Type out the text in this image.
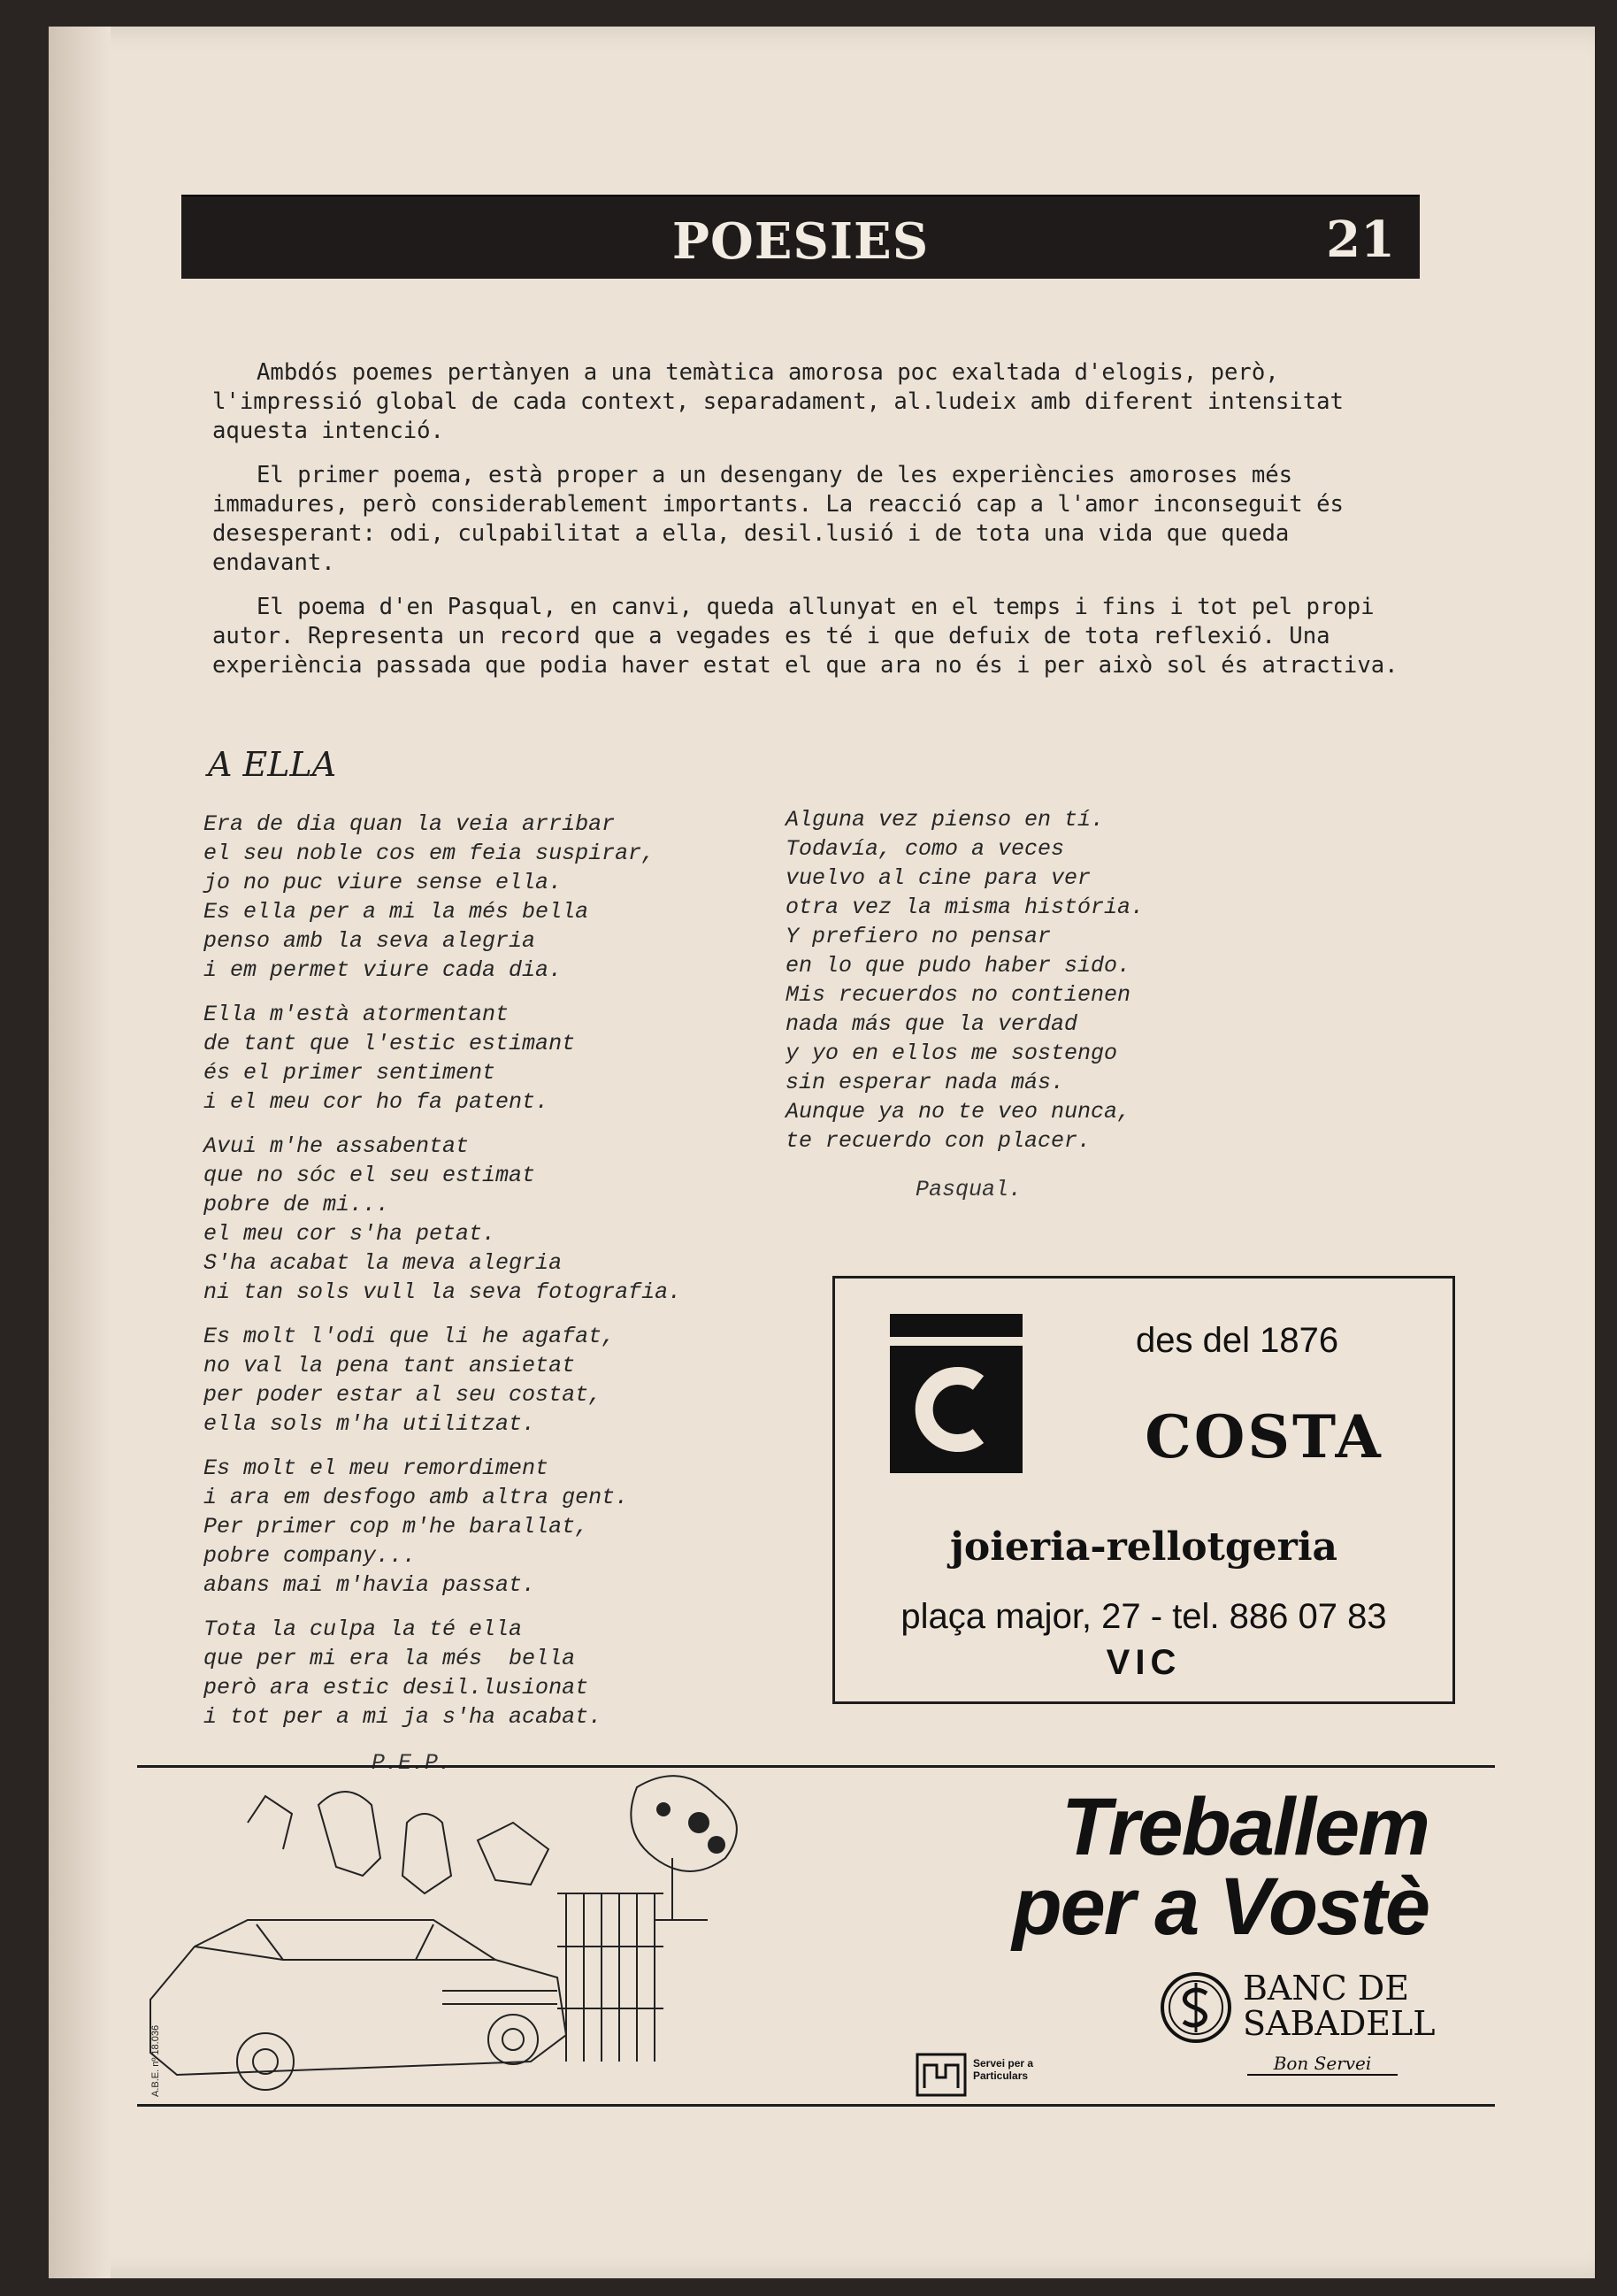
POESIES	21

Ambdós poemes pertànyen a una temàtica amorosa poc exaltada d'elogis, però, l'impressió global de cada context, separadament, al.ludeix amb diferent intensitat aquesta intenció.

El primer poema, està proper a un desengany de les experiències amoroses més immadures, però considerablement importants. La reacció cap a l'amor inconseguit és desesperant: odi, culpabilitat a ella, desil.lusió i de tota una vida que queda endavant.

El poema d'en Pasqual, en canvi, queda allunyat en el temps i fins i tot pel propi autor. Representa un record que a vegades es té i que defuix de tota reflexió. Una experiència passada que podia haver estat el que ara no és i per això sol és atractiva.

A ELLA
Era de dia quan la veia arribar
el seu noble cos em feia suspirar,
jo no puc viure sense ella.
Es ella per a mi la més bella
penso amb la seva alegria
i em permet viure cada dia.
Ella m'està atormentant
de tant que l'estic estimant
és el primer sentiment
i el meu cor ho fa patent.
Avui m'he assabentat
que no sóc el seu estimat
pobre de mi...
el meu cor s'ha petat.
S'ha acabat la meva alegria
ni tan sols vull la seva fotografia.
Es molt l'odi que li he agafat,
no val la pena tant ansietat
per poder estar al seu costat,
ella sols m'ha utilitzat.
Es molt el meu remordiment
i ara em desfogo amb altra gent.
Per primer cop m'he barallat,
pobre company...
abans mai m'havia passat.
Tota la culpa la té ella
que per mi era la més  bella
però ara estic desil.lusionat
i tot per a mi ja s'ha acabat.
P.E.P.
Alguna vez pienso en tí.
Todavía, como a veces
vuelvo al cine para ver
otra vez la misma história.
Y prefiero no pensar
en lo que pudo haber sido.
Mis recuerdos no contienen
nada más que la verdad
y yo en ellos me sostengo
sin esperar nada más.
Aunque ya no te veo nunca,
te recuerdo con placer.
Pasqual.
des del 1876
COSTA
joieria-rellotgeria
plaça major, 27 - tel. 886 07 83
VIC
A.B.E. nº 18.036
Treballem
per a Vostè
Servei per a
Particulars
BANC DE
SABADELL
Bon Servei
